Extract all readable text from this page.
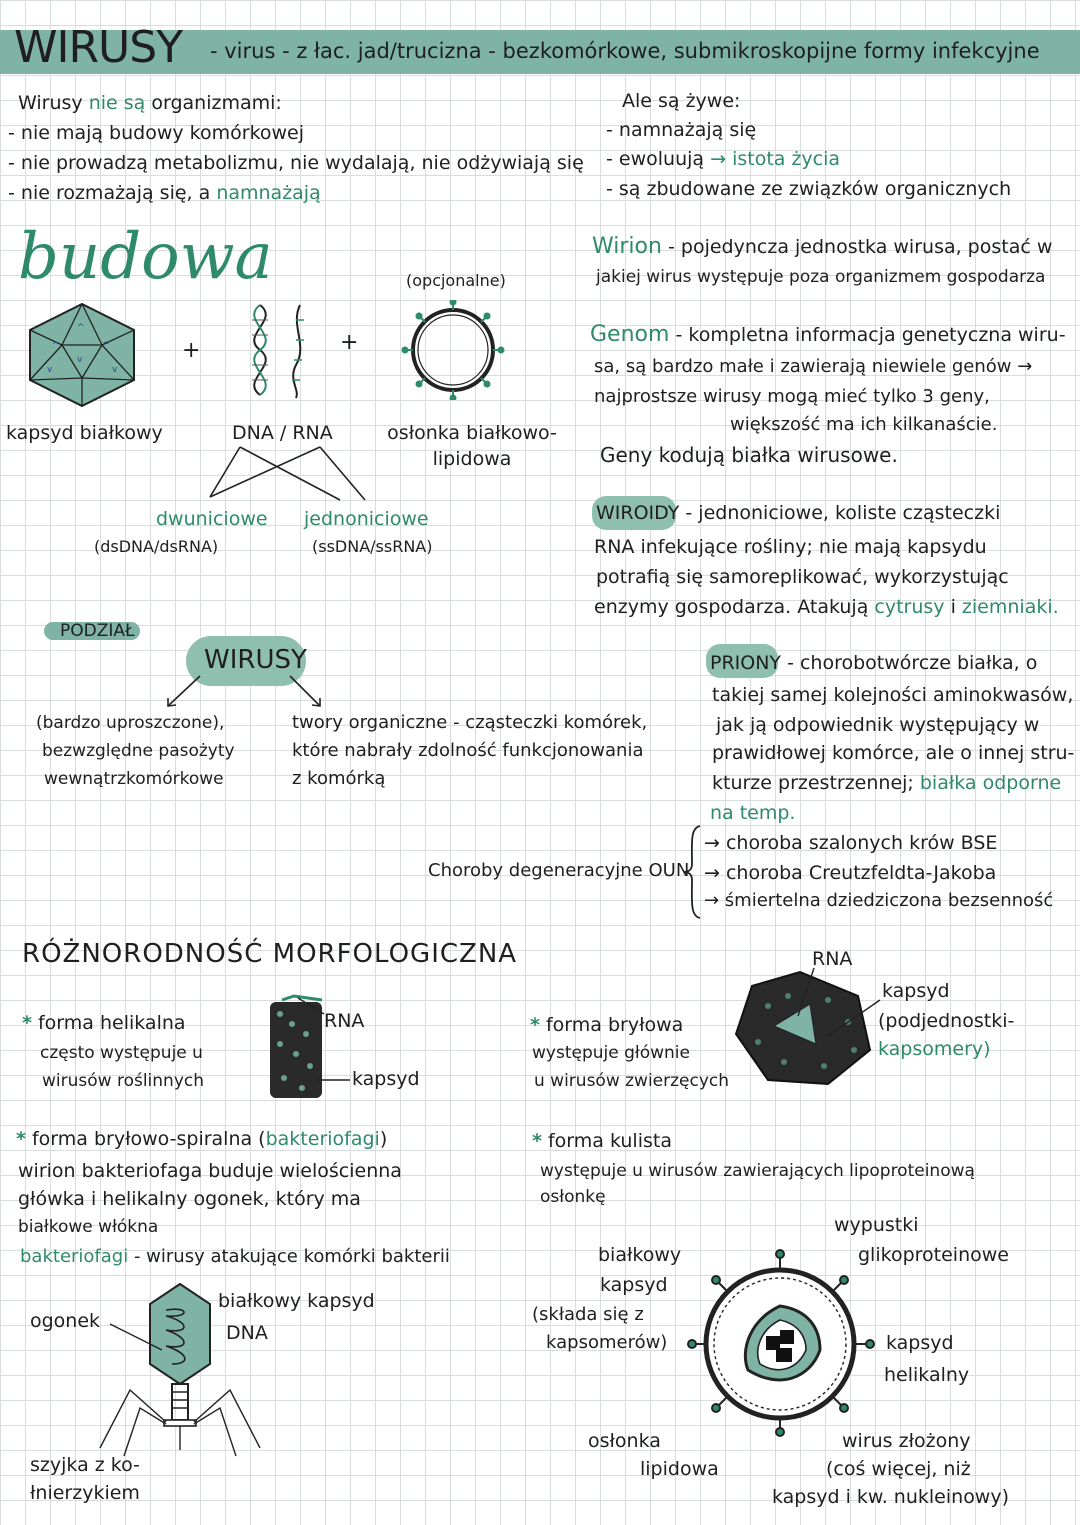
WIRUSY - virus - z łac. jad/trucizna - bezkomórkowe, submikroskopijne formy infekcyjne
Wirusy nie są organizmami:
- nie mają budowy komórkowej
- nie prowadzą metabolizmu, nie wydalają, nie odżywiają się
- nie rozmażają się, a namnażają
Ale są żywe:
- namnażają się
- ewoluują → istota życia
- są zbudowane ze związków organicznych
budowa
^
^	^
v
v	v
+	+
(opcjonalne)
kapsyd białkowy	DNA / RNA	osłonka białkowo-lipidowa
dwuniciowe
(dsDNA/dsRNA)
jednoniciowe
(ssDNA/ssRNA)
Wirion - pojedyncza jednostka wirusa, postać w
jakiej wirus występuje poza organizmem gospodarza
Genom - kompletna informacja genetyczna wiru-
sa, są bardzo małe i zawierają niewiele genów →
najprostsze wirusy mogą mieć tylko 3 geny,
większość ma ich kilkanaście.
Geny kodują białka wirusowe.
WIROIDY - jednoniciowe, koliste cząsteczki
RNA infekujące rośliny; nie mają kapsydu
potrafią się samoreplikować, wykorzystując
enzymy gospodarza. Atakują cytrusy i ziemniaki.
PODZIAŁ
WIRUSY
(bardzo uproszczone),
bezwzględne pasożyty
wewnątrzkomórkowe
twory organiczne - cząsteczki komórek,
które nabrały zdolność funkcjonowania
z komórką
PRIONY - chorobotwórcze białka, o
takiej samej kolejności aminokwasów,
jak ją odpowiednik występujący w
prawidłowej komórce, ale o innej stru-
kturze przestrzennej; białka odporne
na temp.
Choroby degeneracyjne OUN
→ choroba szalonych krów BSE
→ choroba Creutzfeldta-Jakoba
→ śmiertelna dziedziczona bezsenność
RÓŻNORODNOŚĆ MORFOLOGICZNA
* forma helikalna
często występuje u
wirusów roślinnych
RNA
kapsyd
* forma bryłowa
występuje głównie
u wirusów zwierzęcych
RNA
kapsyd
(podjednostki-
kapsomery)
* forma bryłowo-spiralna (bakteriofagi)
wirion bakteriofaga buduje wielościenna
główka i helikalny ogonek, który ma
białkowe włókna
bakteriofagi - wirusy atakujące komórki bakterii
ogonek
białkowy kapsyd
DNA
szyjka z ko-
łnierzykiem
* forma kulista
występuje u wirusów zawierających lipoproteinową
osłonkę
białkowy
kapsyd
(składa się z
kapsomerów)
wypustki
glikoproteinowe
kapsyd
helikalny
osłonka
lipidowa
wirus złożony
(coś więcej, niż
kapsyd i kw. nukleinowy)
